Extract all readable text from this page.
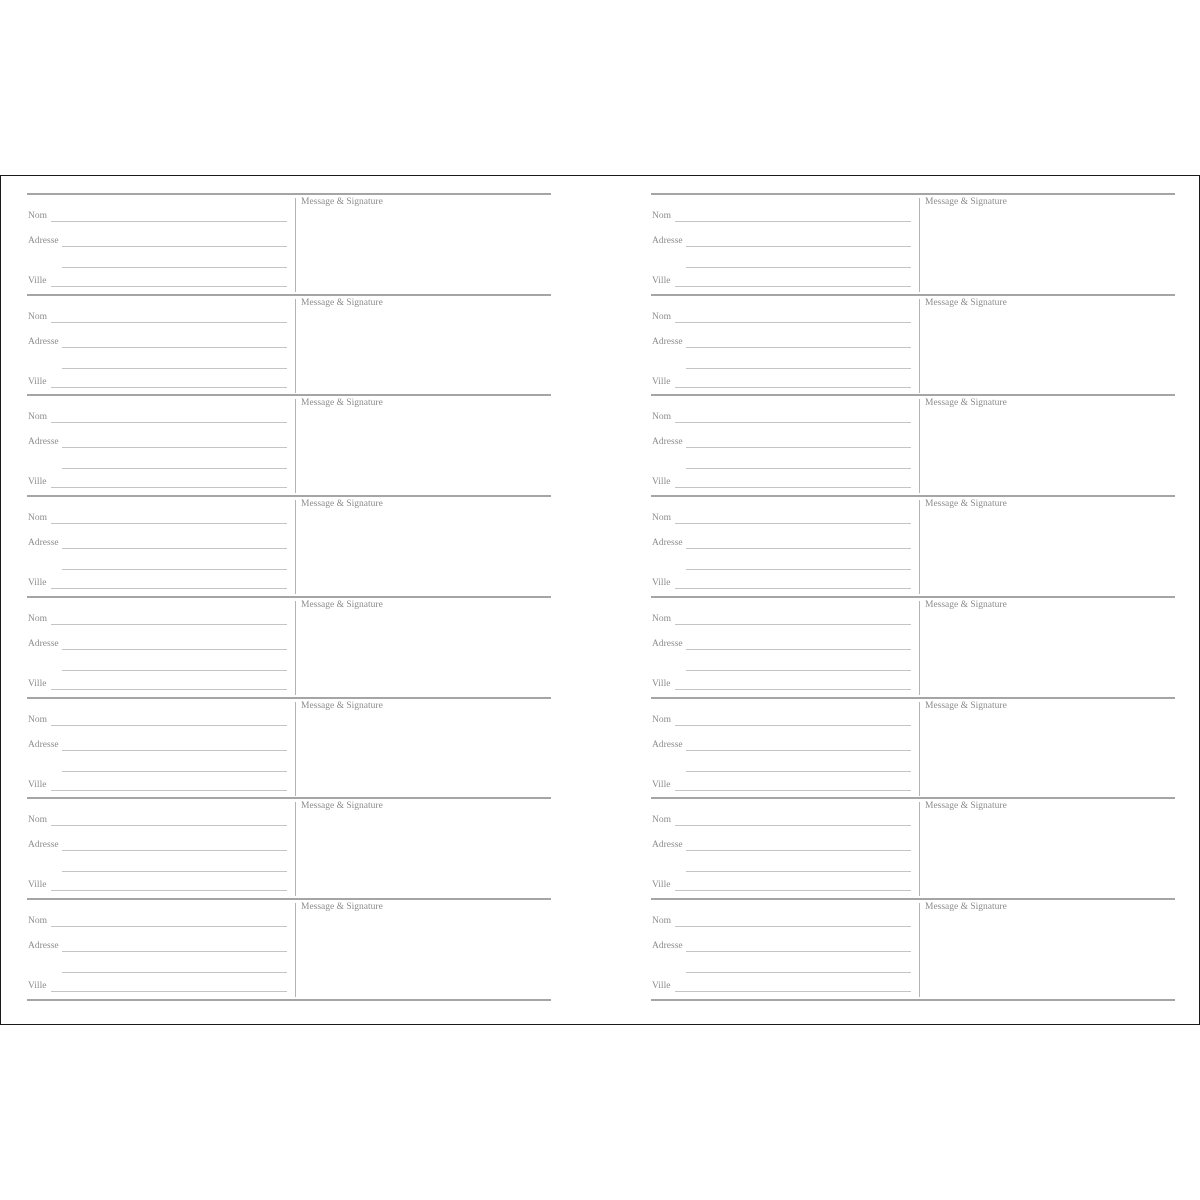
Message & Signature
Nom
Adresse
Ville
Message & Signature
Nom
Adresse
Ville
Message & Signature
Nom
Adresse
Ville
Message & Signature
Nom
Adresse
Ville
Message & Signature
Nom
Adresse
Ville
Message & Signature
Nom
Adresse
Ville
Message & Signature
Nom
Adresse
Ville
Message & Signature
Nom
Adresse
Ville
Message & Signature
Nom
Adresse
Ville
Message & Signature
Nom
Adresse
Ville
Message & Signature
Nom
Adresse
Ville
Message & Signature
Nom
Adresse
Ville
Message & Signature
Nom
Adresse
Ville
Message & Signature
Nom
Adresse
Ville
Message & Signature
Nom
Adresse
Ville
Message & Signature
Nom
Adresse
Ville
